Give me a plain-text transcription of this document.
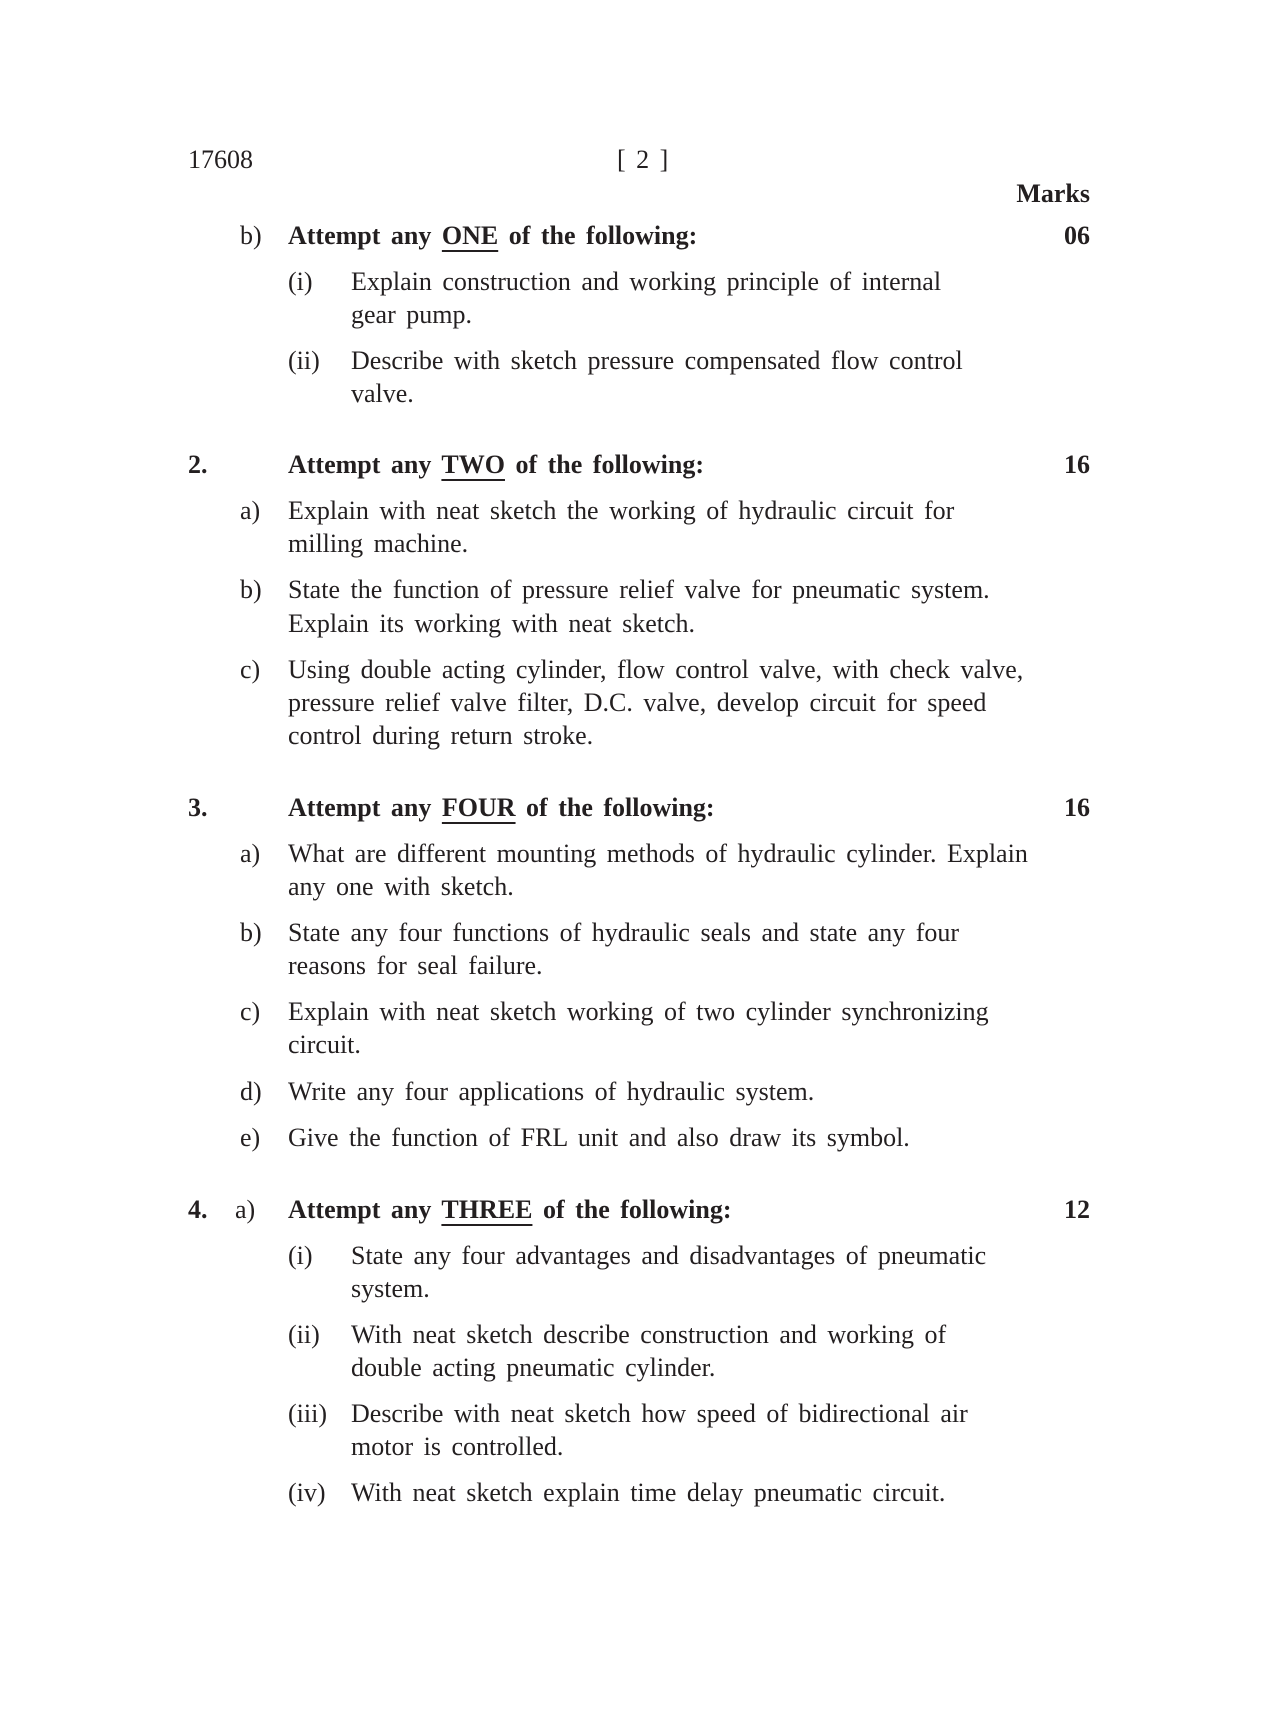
17608	[ 2 ]
Marks
b) Attempt any ONE of the following:	06
(i) Explain construction and working principle of internal
gear pump.
(ii) Describe with sketch pressure compensated flow control
valve.
2.	Attempt any TWO of the following:	16
a) Explain with neat sketch the working of hydraulic circuit for
milling machine.
b) State the function of pressure relief valve for pneumatic system.
Explain its working with neat sketch.
c) Using double acting cylinder, flow control valve, with check valve,
pressure relief valve filter, D.C. valve, develop circuit for speed
control during return stroke.
3.	Attempt any FOUR of the following:	16
a) What are different mounting methods of hydraulic cylinder. Explain
any one with sketch.
b) State any four functions of hydraulic seals and state any four
reasons for seal failure.
c) Explain with neat sketch working of two cylinder synchronizing
circuit.
d) Write any four applications of hydraulic system.
e) Give the function of FRL unit and also draw its symbol.
4. a) Attempt any THREE of the following:	12
(i) State any four advantages and disadvantages of pneumatic
system.
(ii) With neat sketch describe construction and working of
double acting pneumatic cylinder.
(iii) Describe with neat sketch how speed of bidirectional air
motor is controlled.
(iv) With neat sketch explain time delay pneumatic circuit.
